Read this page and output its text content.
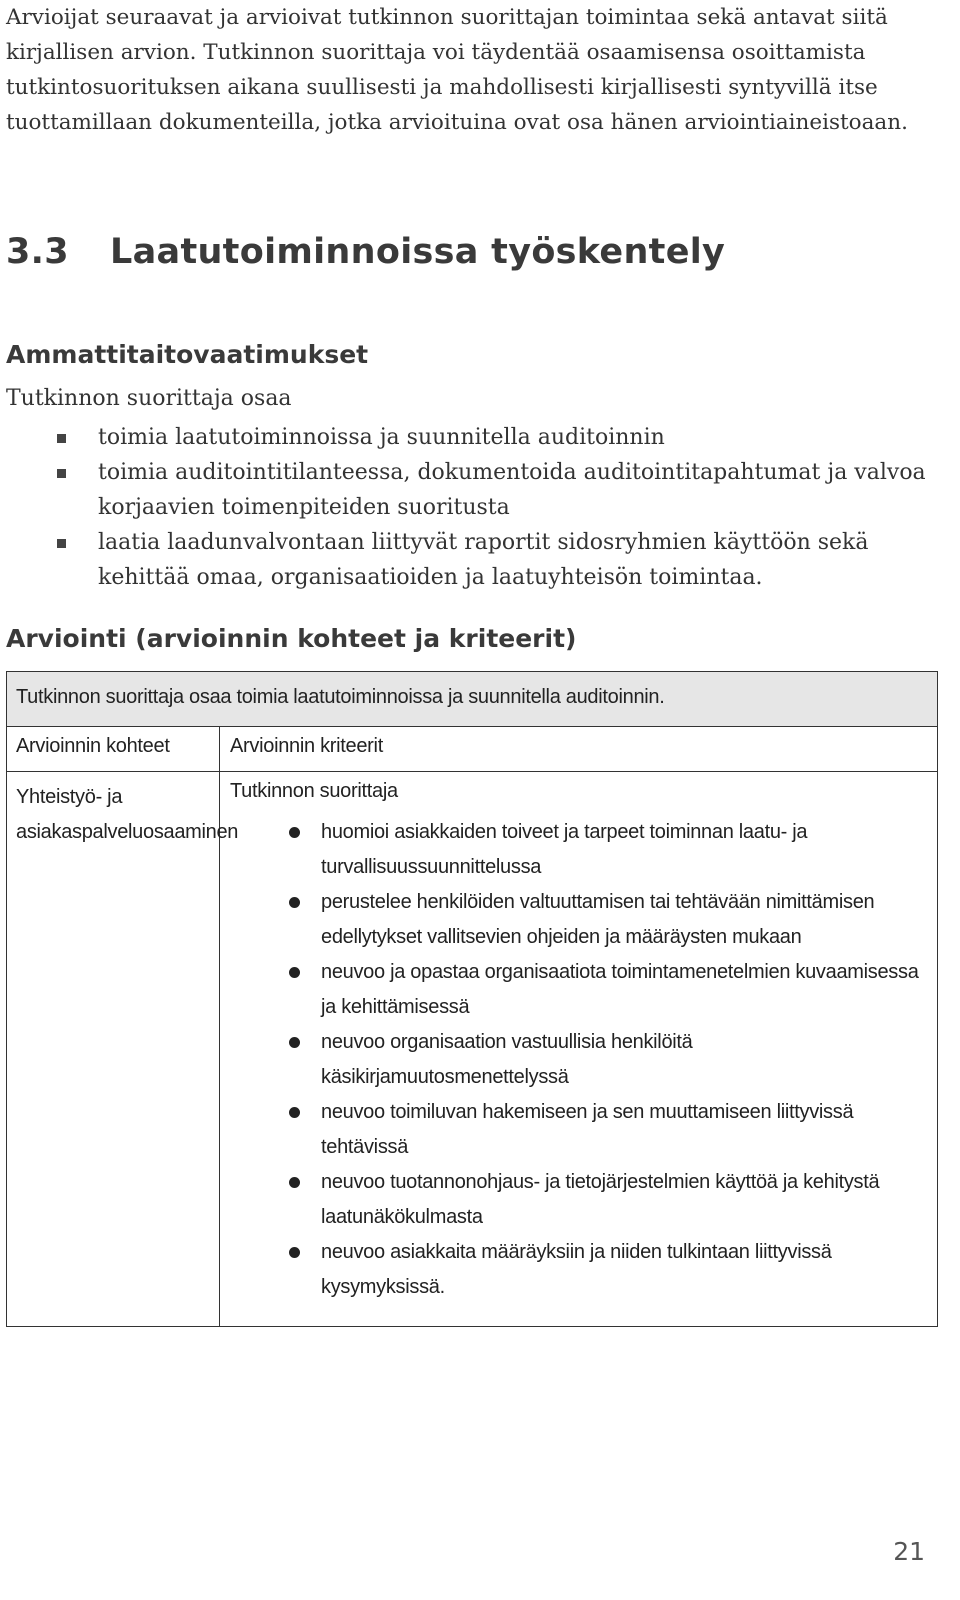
Arvioijat seuraavat ja arvioivat tutkinnon suorittajan toimintaa sekä antavat siitä kirjallisen arvion. Tutkinnon suorittaja voi täydentää osaamisensa osoittamista tutkintosuorituksen aikana suullisesti ja mahdollisesti kirjallisesti syntyvillä itse tuottamillaan dokumenteilla, jotka arvioituina ovat osa hänen arviointiaineistoaan.

3.3 Laatutoiminnoissa työskentely
Ammattitaitovaatimukset
Tutkinnon suorittaja osaa
toimia laatutoiminnoissa ja suunnitella auditoinnin
toimia auditointitilanteessa, dokumentoida auditointitapahtumat ja valvoa korjaavien toimenpiteiden suoritusta
laatia laadunvalvontaan liittyvät raportit sidosryhmien käyttöön sekä kehittää omaa, organisaatioiden ja laatuyhteisön toimintaa.
Arviointi (arvioinnin kohteet ja kriteerit)
Tutkinnon suorittaja osaa toimia laatutoiminnoissa ja suunnitella auditoinnin.
Arvioinnin kohteet	Arvioinnin kriteerit
Yhteistyö- ja asiakaspalveluosaaminen
Tutkinnon suorittaja
huomioi asiakkaiden toiveet ja tarpeet toiminnan laatu- ja turvallisuussuunnittelussa
perustelee henkilöiden valtuuttamisen tai tehtävään nimittämisen edellytykset vallitsevien ohjeiden ja määräysten mukaan
neuvoo ja opastaa organisaatiota toimintamenetelmien kuvaamisessa ja kehittämisessä
neuvoo organisaation vastuullisia henkilöitä käsikirjamuutosmenettelyssä
neuvoo toimiluvan hakemiseen ja sen muuttamiseen liittyvissä tehtävissä
neuvoo tuotannonohjaus- ja tietojärjestelmien käyttöä ja kehitystä laatunäkökulmasta
neuvoo asiakkaita määräyksiin ja niiden tulkintaan liittyvissä kysymyksissä.
21
